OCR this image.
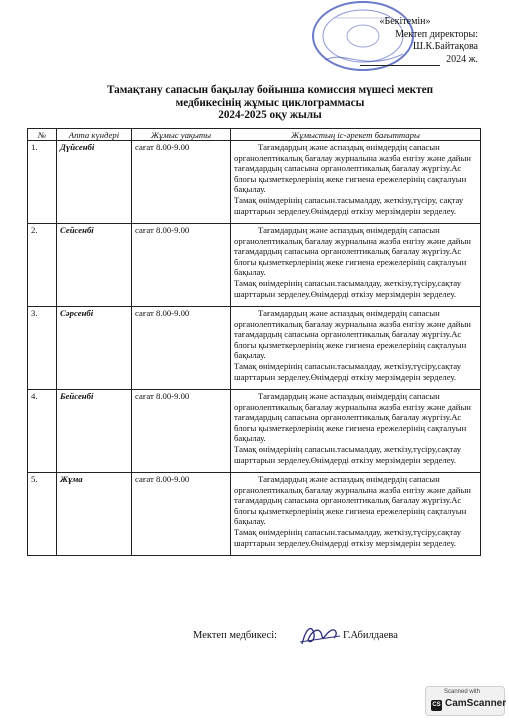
«Бекітемін»
Мектеп директоры:
Ш.К.Байтақова
2024 ж.
Тамақтану сапасын бақылау бойынша комиссия мүшесі мектеп
медбикесінің жұмыс циклограммасы
2024-2025 оқу жылы
№	Апта күндері	Жұмыс уақыты	Жұмыстың іс-әрекет бағыттары
1.	Дүйсенбі	сағат 8.00-9.00	Тағамдардың және аспаздық өнімдердің сапасын органолептикалық бағалау журналына жазба енгізу және дайын тағамдардың сапасына органолептикалық бағалау жүргізу.Ас блогы қызметкерлерінің жеке гигиена ережелерінің сақталуын бақылау.

Тамақ өнімдерінің сапасын.тасымалдау, жеткізу,түсіру, сақтау шарттарын зерделеу.Өнімдерді өткізу мерзімдерін зерделеу.

2.	Сейсенбі	сағат 8.00-9.00	Тағамдардың және аспаздық өнімдердің сапасын органолептикалық бағалау журналына жазба енгізу және дайын тағамдардың сапасына органолептикалық бағалау жүргізу.Ас блогы қызметкерлерінің жеке гигиена ережелерінің сақталуын бақылау.

Тамақ өнімдерінің сапасын.тасымалдау, жеткізу,түсіру,сақтау шарттарын зерделеу.Өнімдерді өткізу мерзімдерін зерделеу.

3.	Сәрсенбі	сағат 8.00-9.00	Тағамдардың және аспаздық өнімдердің сапасын органолептикалық бағалау журналына жазба енгізу және дайын тағамдардың сапасына органолептикалық бағалау жүргізу.Ас блогы қызметкерлерінің жеке гигиена ережелерінің сақталуын бақылау.

Тамақ өнімдерінің сапасын.тасымалдау, жеткізу,түсіру,сақтау шарттарын зерделеу.Өнімдерді өткізу мерзімдерін зерделеу.

4.	Бейсенбі	сағат 8.00-9.00	Тағамдардың және аспаздық өнімдердің сапасын органолептикалық бағалау журналына жазба енгізу және дайын тағамдардың сапасына органолептикалық бағалау жүргізу.Ас блогы қызметкерлерінің жеке гигиена ережелерінің сақталуын бақылау.

Тамақ өнімдерінің сапасын.тасымалдау, жеткізу,түсіру,сақтау шарттарын зерделеу.Өнімдерді өткізу мерзімдерін зерделеу.

5.	Жұма	сағат 8.00-9.00	Тағамдардың және аспаздық өнімдердің сапасын органолептикалық бағалау журналына жазба енгізу және дайын тағамдардың сапасына органолептикалық бағалау жүргізу.Ас блогы қызметкерлерінің жеке гигиена ережелерінің сақталуын бақылау.

Тамақ өнімдерінің сапасын.тасымалдау, жеткізу,түсіру,сақтау шарттарын зерделеу.Өнімдерді өткізу мерзімдерін зерделеу.

Мектеп медбикесі:	Г.Абилдаева
Scanned with
CS CamScanner
